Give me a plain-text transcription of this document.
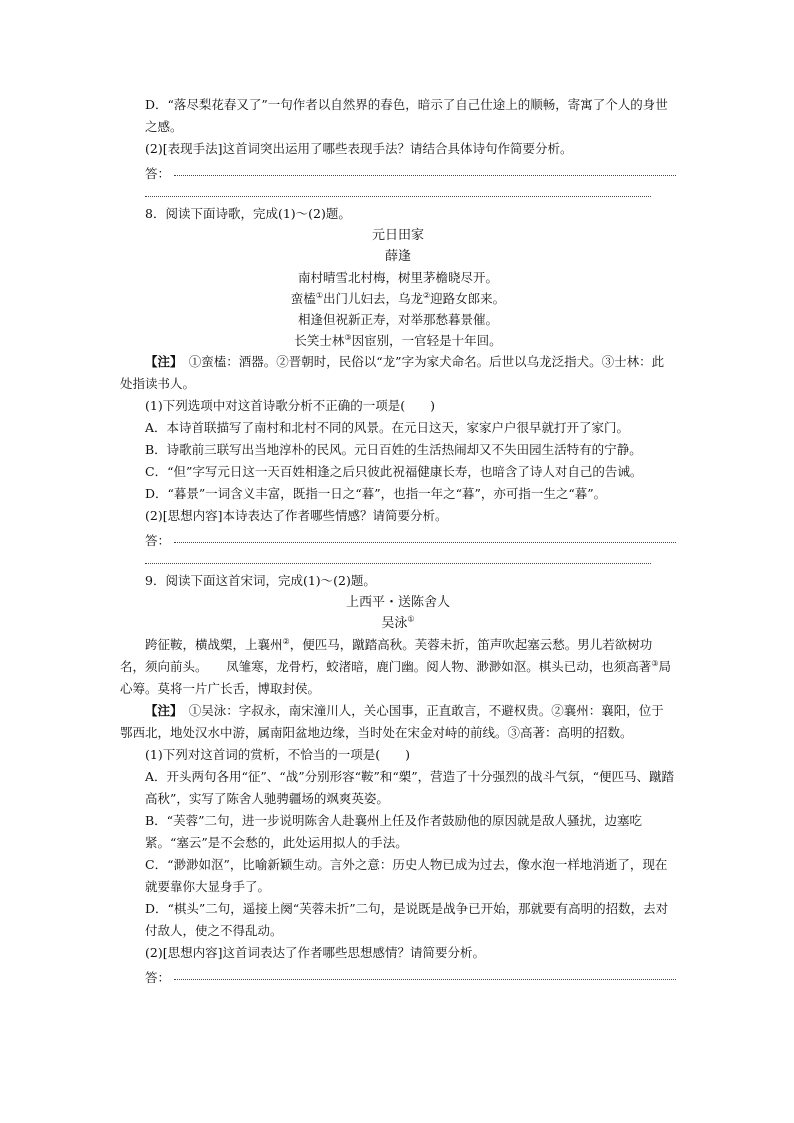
D．“落尽梨花春又了”一句作者以自然界的春色，暗示了自己仕途上的顺畅，寄寓了个人的身世之感。

(2)[表现手法]这首词突出运用了哪些表现手法？请结合具体诗句作简要分析。

答：

8．阅读下面诗歌，完成(1)～(2)题。

元日田家
薛逢
南村晴雪北村梅，树里茅檐晓尽开。
蛮榼①出门儿妇去，乌龙②迎路女郎来。
相逢但祝新正寿，对举那愁暮景催。
长笑士林③因宦别，一官轻是十年回。

【注】　 ①蛮榼：酒器。②晋朝时，民俗以“龙”字为家犬命名。后世以乌龙泛指犬。③士林：此处指读书人。

(1)下列选项中对这首诗歌分析不正确的一项是(　　)

A．本诗首联描写了南村和北村不同的风景。在元日这天，家家户户很早就打开了家门。

B．诗歌前三联写出当地淳朴的民风。元日百姓的生活热闹却又不失田园生活特有的宁静。

C．“但”字写元日这一天百姓相逢之后只彼此祝福健康长寿，也暗含了诗人对自己的告诫。

D．“暮景”一词含义丰富，既指一日之“暮”，也指一年之“暮”，亦可指一生之“暮”。

(2)[思想内容]本诗表达了作者哪些情感？请简要分析。

答：

9．阅读下面这首宋词，完成(1)～(2)题。

上西平・送陈舍人
吴泳①

跨征鞍，横战槊，上襄州②，便匹马，蹴踏高秋。芙蓉未折，笛声吹起塞云愁。男儿若欲树功名，须向前头。　　凤雏寒，龙骨朽，蛟渚暗，鹿门幽。阅人物、渺渺如沤。棋头已动，也须高著③局心筹。莫将一片广长舌，博取封侯。

【注】　 ①吴泳：字叔永，南宋潼川人，关心国事，正直敢言，不避权贵。②襄州：襄阳，位于鄂西北，地处汉水中游，属南阳盆地边缘，当时处在宋金对峙的前线。③高著：高明的招数。

(1)下列对这首词的赏析，不恰当的一项是(　　)

A．开头两句各用“征”、“战”分别形容“鞍”和“槊”，营造了十分强烈的战斗气氛，“便匹马、蹴踏高秋”，实写了陈舍人驰骋疆场的飒爽英姿。

B．“芙蓉”二句，进一步说明陈舍人赴襄州上任及作者鼓励他的原因就是敌人骚扰，边塞吃紧。“塞云”是不会愁的，此处运用拟人的手法。

C．“渺渺如沤”，比喻新颖生动。言外之意：历史人物已成为过去，像水泡一样地消逝了，现在就要靠你大显身手了。

D．“棋头”二句，遥接上阕“芙蓉未折”二句，是说既是战争已开始，那就要有高明的招数，去对付敌人，使之不得乱动。

(2)[思想内容]这首词表达了作者哪些思想感情？请简要分析。

答：
